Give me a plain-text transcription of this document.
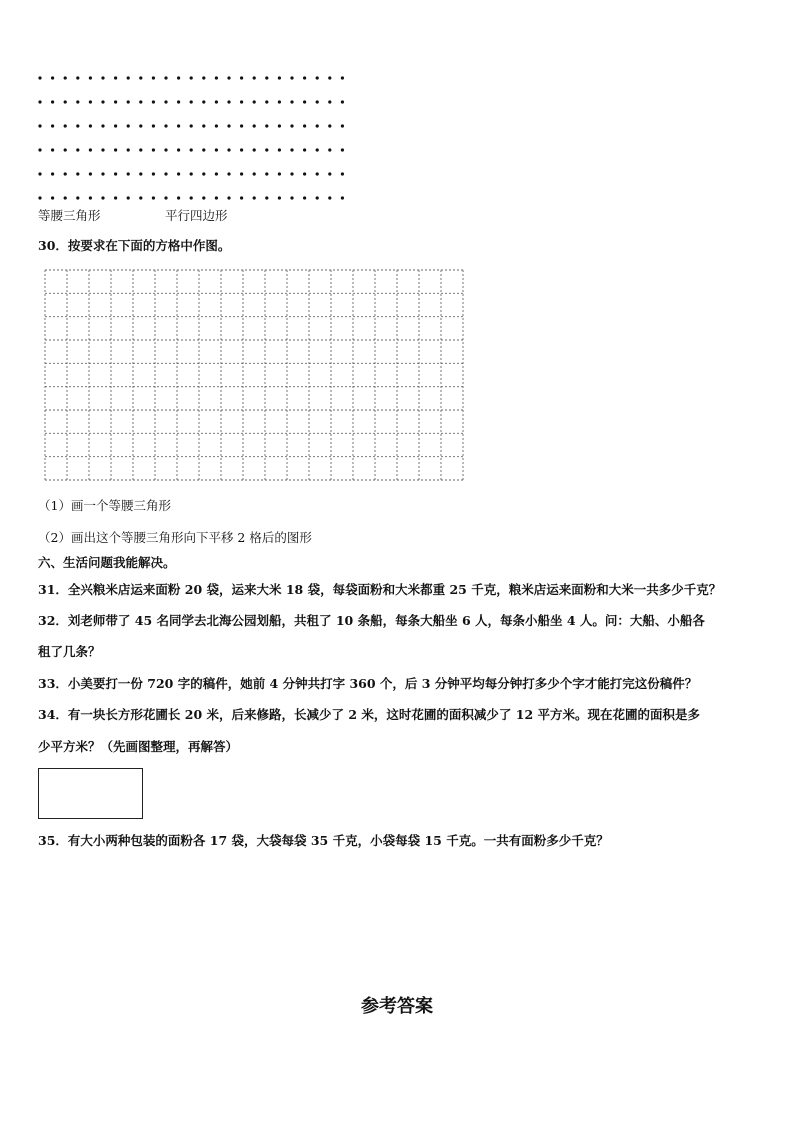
等腰三角形	平行四边形
30．按要求在下面的方格中作图。
（1）画一个等腰三角形
（2）画出这个等腰三角形向下平移 2 格后的图形
六、生活问题我能解决。
31．全兴粮米店运来面粉 20 袋，运来大米 18 袋，每袋面粉和大米都重 25 千克，粮米店运来面粉和大米一共多少千克？
32．刘老师带了 45 名同学去北海公园划船，共租了 10 条船，每条大船坐 6 人，每条小船坐 4 人。问：大船、小船各
租了几条？
33．小美要打一份 720 字的稿件，她前 4 分钟共打字 360 个，后 3 分钟平均每分钟打多少个字才能打完这份稿件？
34．有一块长方形花圃长 20 米，后来修路，长减少了 2 米，这时花圃的面积减少了 12 平方米。现在花圃的面积是多
少平方米？（先画图整理，再解答）
35．有大小两种包装的面粉各 17 袋，大袋每袋 35 千克，小袋每袋 15 千克。一共有面粉多少千克？
参考答案
